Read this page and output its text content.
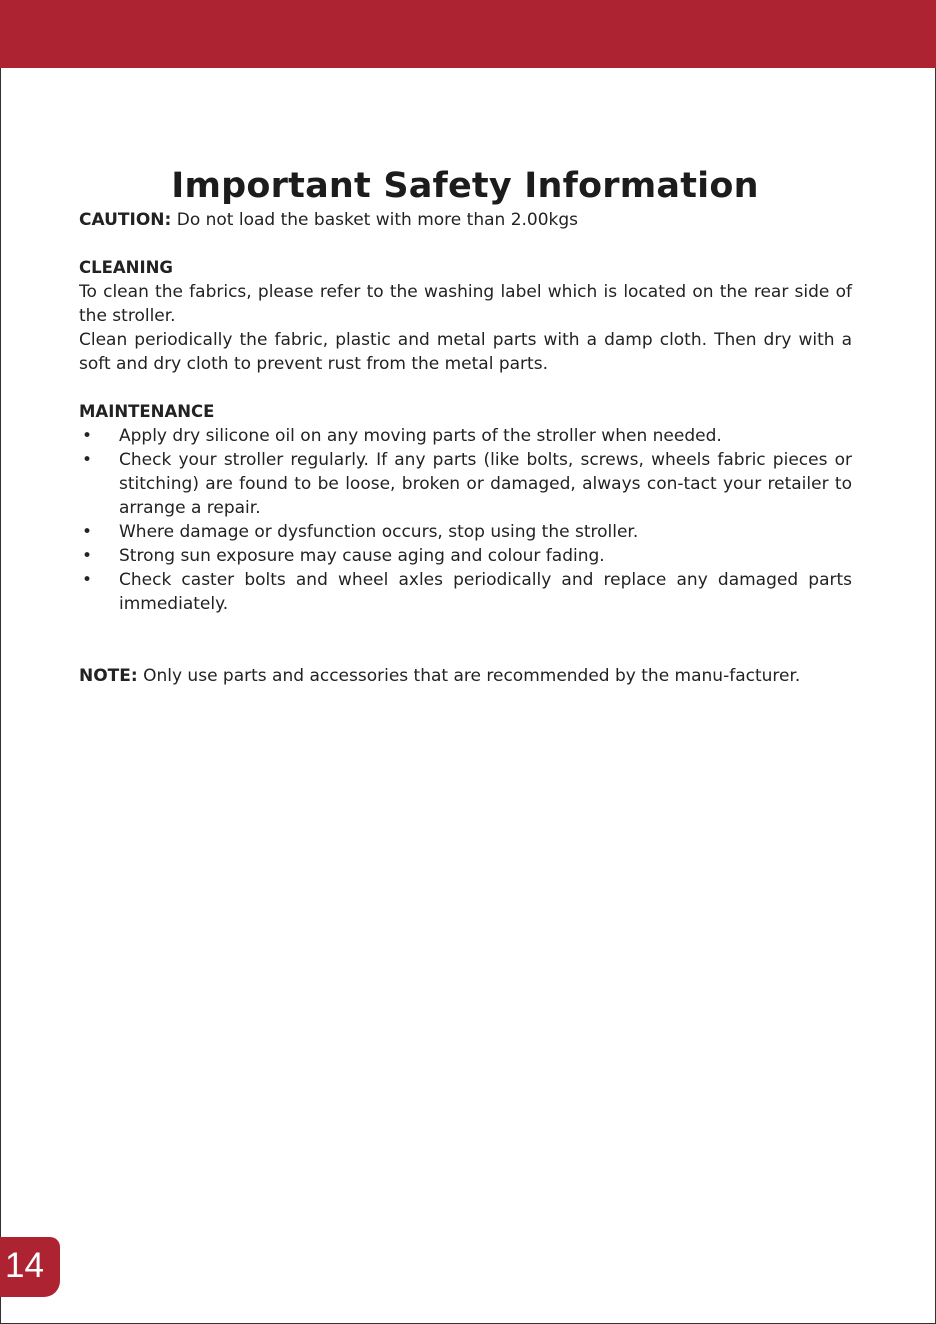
Important Safety Information

CAUTION: Do not load the basket with more than 2.00kgs

CLEANING

To clean the fabrics, please refer to the washing label which is located on the rear side of the stroller.

Clean periodically the fabric, plastic and metal parts with a damp cloth. Then dry with a soft and dry cloth to prevent rust from the metal parts.

MAINTENANCE

• Apply dry silicone oil on any moving parts of the stroller when needed.
• Check your stroller regularly. If any parts (like bolts, screws, wheels fabric pieces or stitching) are found to be loose, broken or damaged, always con-tact your retailer to arrange a repair.
• Where damage or dysfunction occurs, stop using the stroller.
• Strong sun exposure may cause aging and colour fading.
• Check caster bolts and wheel axles periodically and replace any damaged parts immediately.

NOTE: Only use parts and accessories that are recommended by the manu-facturer.

14
